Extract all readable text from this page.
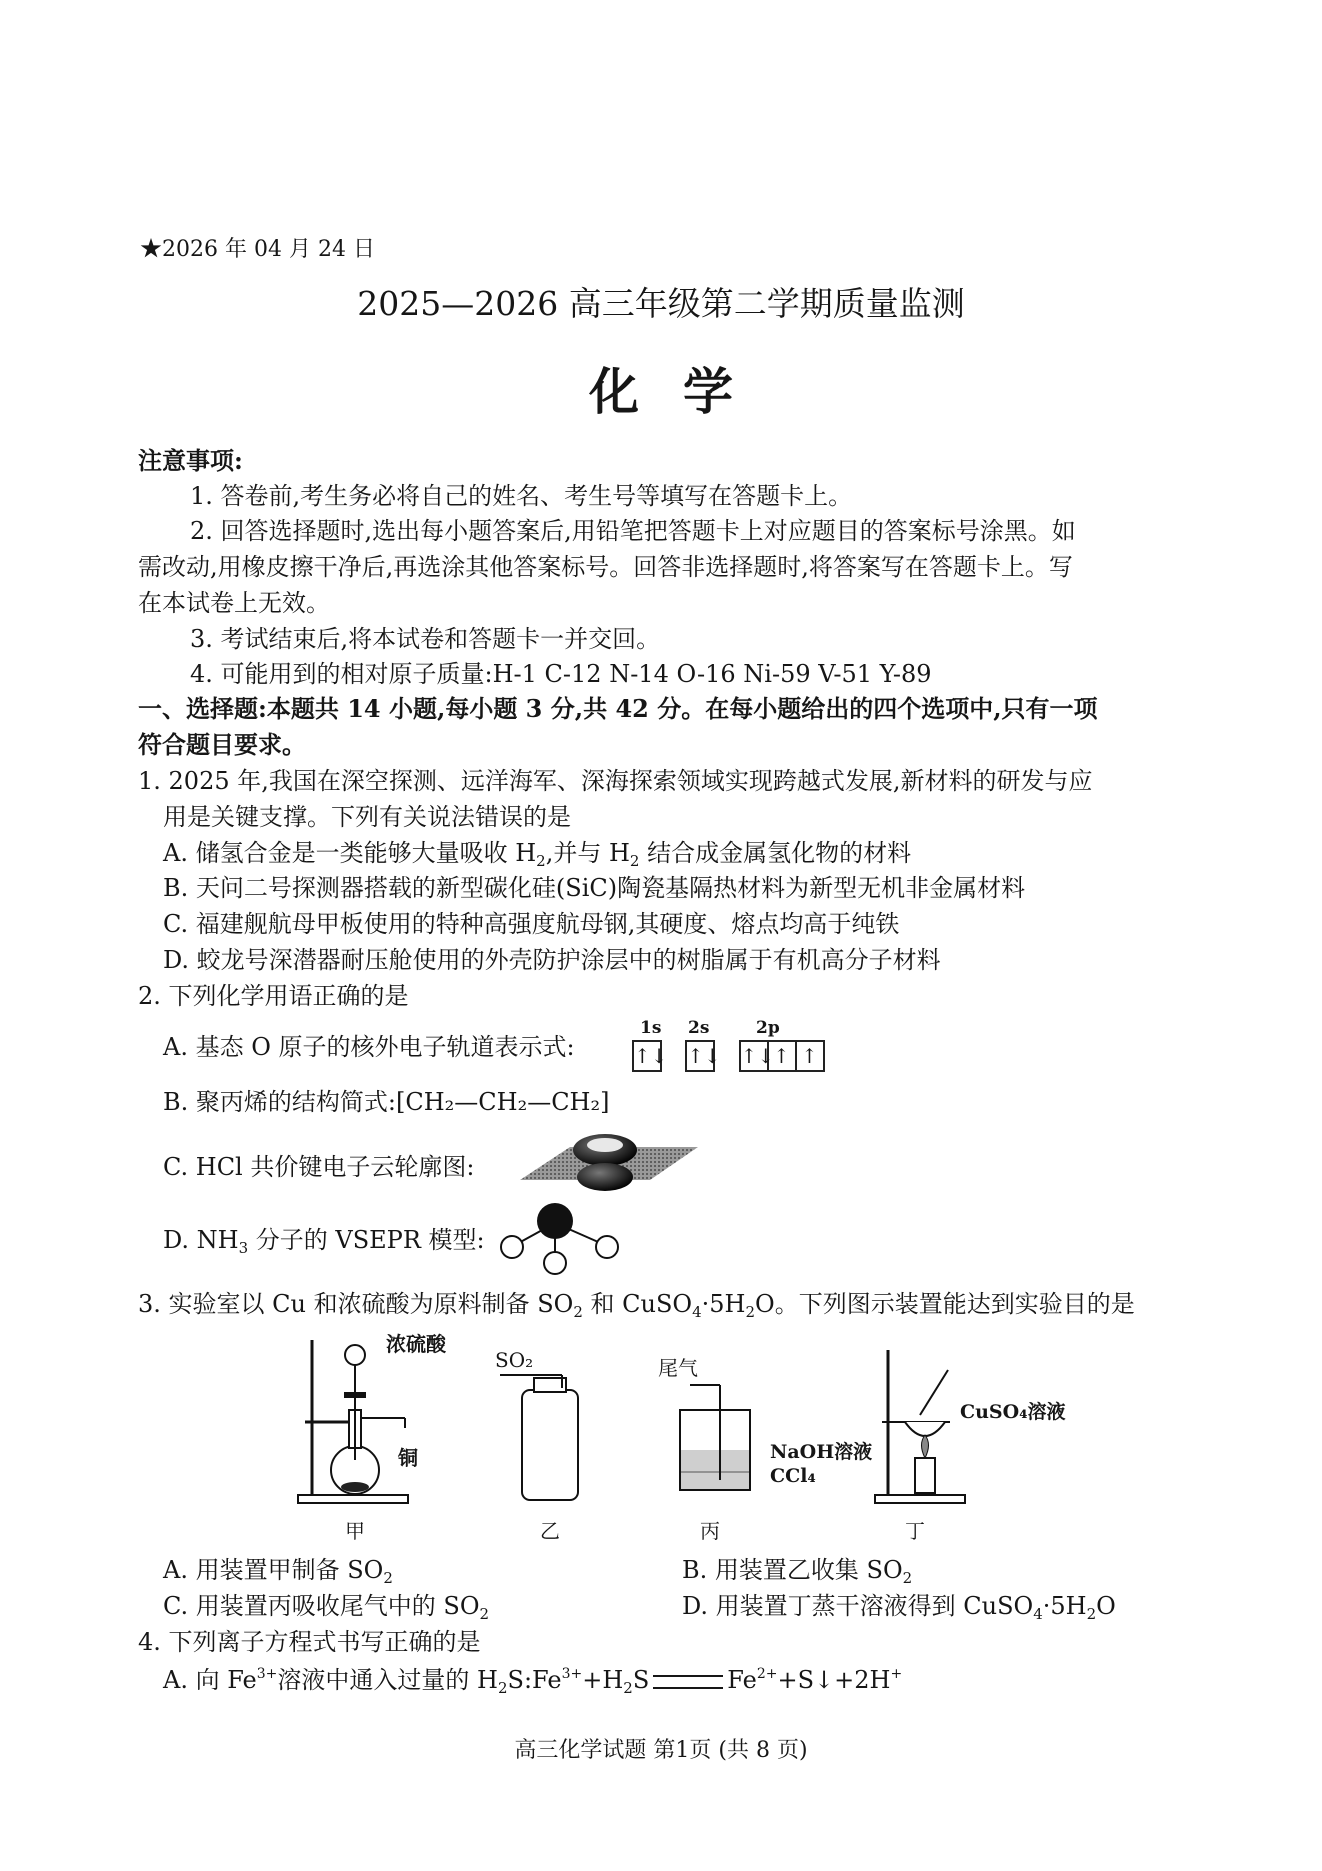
★2026 年 04 月 24 日
2025—2026 高三年级第二学期质量监测
化学
注意事项:
1. 答卷前,考生务必将自己的姓名、考生号等填写在答题卡上。
2. 回答选择题时,选出每小题答案后,用铅笔把答题卡上对应题目的答案标号涂黑。如
需改动,用橡皮擦干净后,再选涂其他答案标号。回答非选择题时,将答案写在答题卡上。写
在本试卷上无效。
3. 考试结束后,将本试卷和答题卡一并交回。
4. 可能用到的相对原子质量:H-1 C-12 N-14 O-16 Ni-59 V-51 Y-89
一、选择题:本题共 14 小题,每小题 3 分,共 42 分。在每小题给出的四个选项中,只有一项
符合题目要求。
1. 2025 年,我国在深空探测、远洋海军、深海探索领域实现跨越式发展,新材料的研发与应
用是关键支撑。下列有关说法错误的是
A. 储氢合金是一类能够大量吸收 $H_2$,并与 $H_2$ 结合成金属氢化物的材料
B. 天问二号探测器搭载的新型碳化硅(SiC)陶瓷基隔热材料为新型无机非金属材料
C. 福建舰航母甲板使用的特种高强度航母钢,其硬度、熔点均高于纯铁
D. 蛟龙号深潜器耐压舱使用的外壳防护涂层中的树脂属于有机高分子材料
2. 下列化学用语正确的是
A. 基态 O 原子的核外电子轨道表示式:
1s 2s	2p
↑↓ ↑↓ ↑↓↑ ↑
B. 聚丙烯的结构简式:[CH₂—CH₂—CH₂]
C. HCl 共价键电子云轮廓图:
D. $NH_3$ 分子的 VSEPR 模型:
3. 实验室以 Cu 和浓硫酸为原料制备 $SO_2$ 和 $CuSO_4\cdot 5H_2O$。下列图示装置能达到实验目的是
浓硫酸
铜
SO₂	尾气
NaOH溶液
CCl₄
CuSO₄溶液
甲	乙	丙	丁
A. 用装置甲制备 $SO_2$	B. 用装置乙收集 $SO_2$
C. 用装置丙吸收尾气中的 $SO_2$	D. 用装置丁蒸干溶液得到 $CuSO_4\cdot 5H_2O$
4. 下列离子方程式书写正确的是
A. 向 $Fe^{3+}$溶液中通入过量的 $H_2S:Fe^{3+}+H_2S$	$Fe^{2+}+S↓+2H^+$
高三化学试题 第1页 (共 8 页)
